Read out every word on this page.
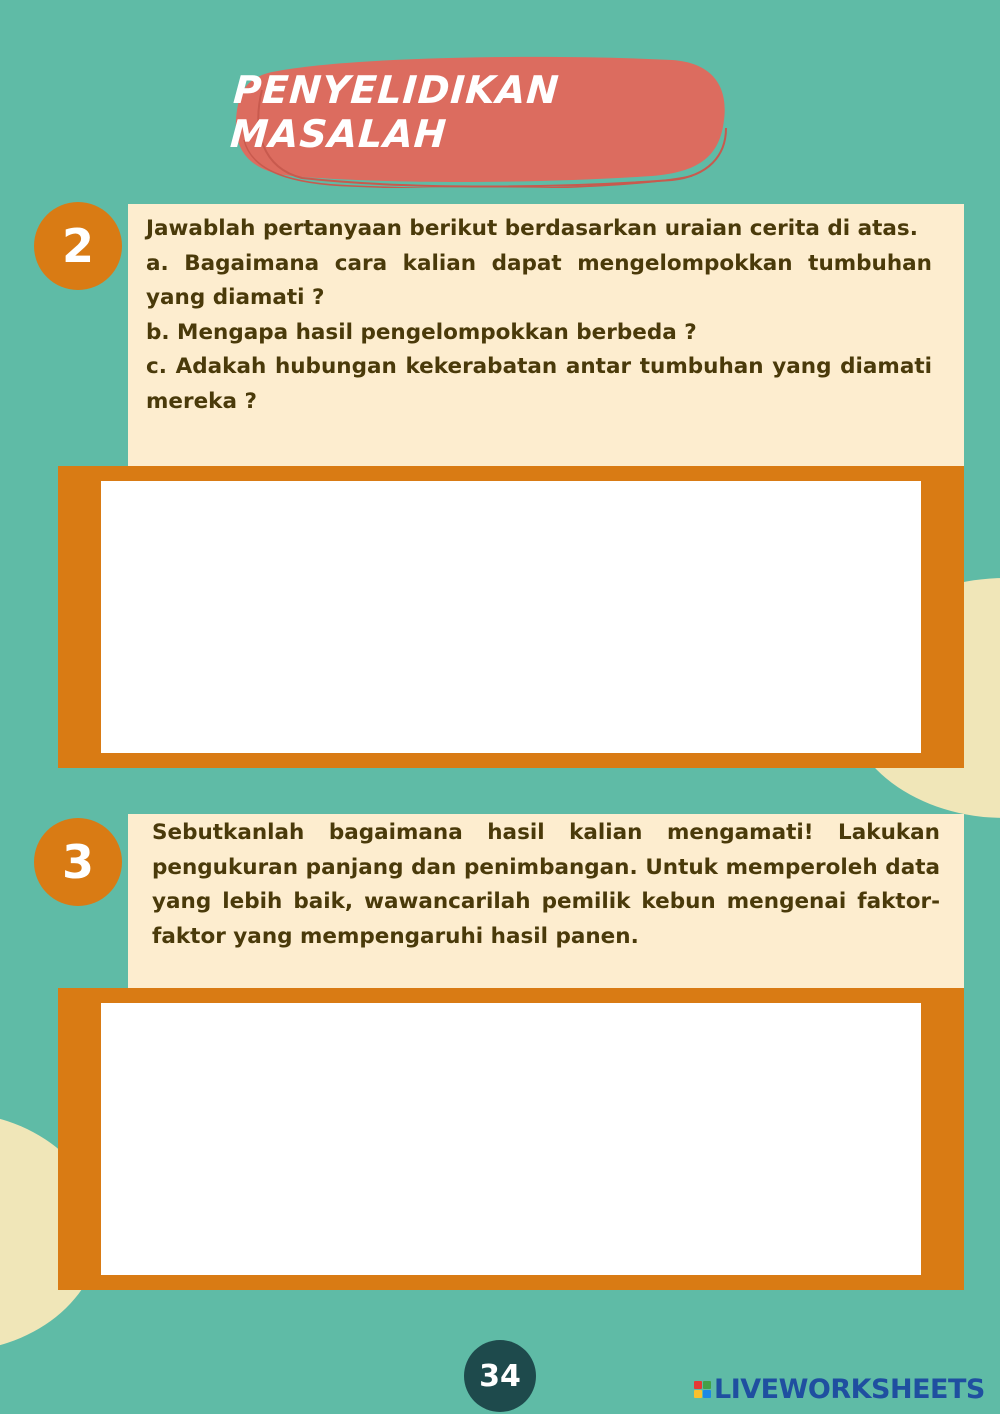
PENYELIDIKAN MASALAH
2	Jawablah pertanyaan berikut berdasarkan uraian cerita di atas.

a. Bagaimana cara kalian dapat mengelompokkan tumbuhan yang diamati ?

b. Mengapa hasil pengelompokkan berbeda ?

c. Adakah hubungan kekerabatan antar tumbuhan yang diamati mereka ?

3

Sebutkanlah bagaimana hasil kalian mengamati! Lakukan pengukuran panjang dan penimbangan. Untuk memperoleh data yang lebih baik, wawancarilah pemilik kebun mengenai faktor-faktor yang mempengaruhi hasil panen.

34	LIVEWORKSHEETS
